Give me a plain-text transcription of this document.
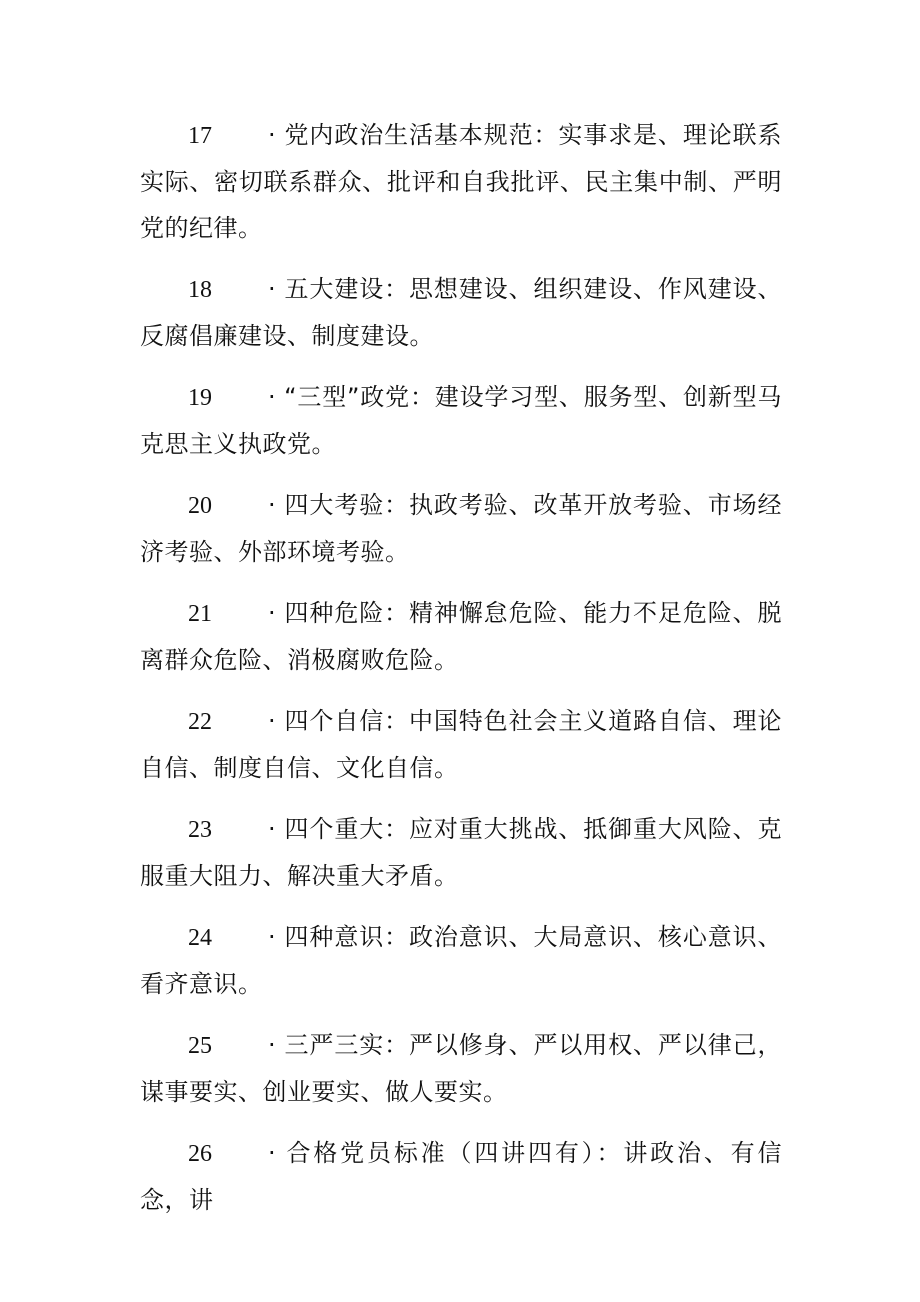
17 · 党内政治生活基本规范：实事求是、理论联系实际、密切联系群众、批评和自我批评、民主集中制、严明党的纪律。

18 · 五大建设：思想建设、组织建设、作风建设、反腐倡廉建设、制度建设。

19 · “三型”政党：建设学习型、服务型、创新型马克思主义执政党。

20 · 四大考验：执政考验、改革开放考验、市场经济考验、外部环境考验。

21 · 四种危险：精神懈怠危险、能力不足危险、脱离群众危险、消极腐败危险。

22 · 四个自信：中国特色社会主义道路自信、理论自信、制度自信、文化自信。

23 · 四个重大：应对重大挑战、抵御重大风险、克服重大阻力、解决重大矛盾。

24 · 四种意识：政治意识、大局意识、核心意识、看齐意识。

25 · 三严三实：严以修身、严以用权、严以律己，谋事要实、创业要实、做人要实。

26 · 合格党员标准（四讲四有）：讲政治、有信念，讲
